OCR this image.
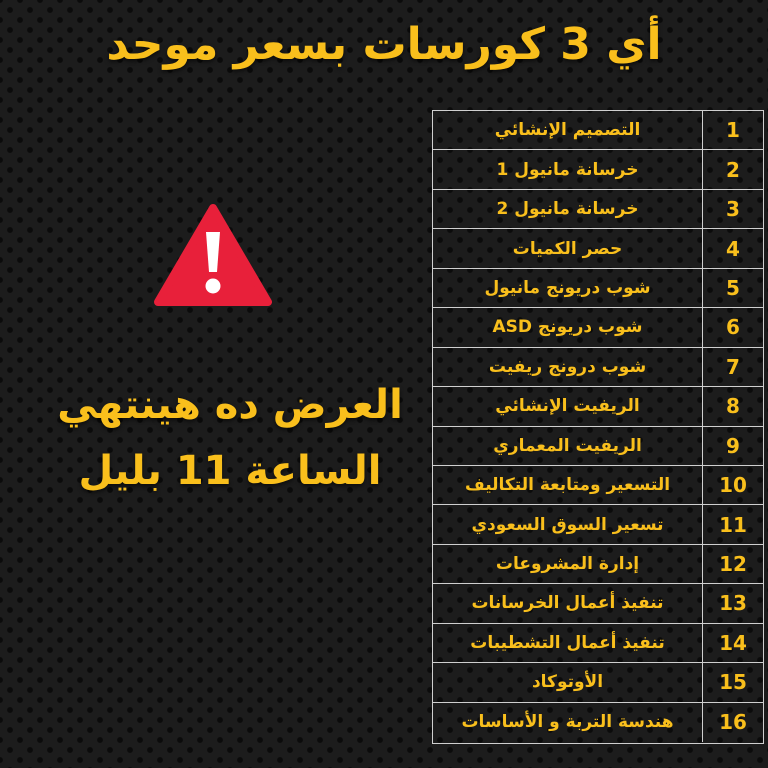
أي 3 كورسات بسعر موحد
العرض ده هينتهي
الساعة 11 بليل
1
التصميم الإنشائي
2
خرسانة مانيول 1
3
خرسانة مانيول 2
4
حصر الكميات
5
شوب دريونج مانيول
6
شوب دريونج ASD
7
شوب درونج ريفيت
8
الريفيت الإنشائي
9
الريفيت المعماري
10
التسعير ومتابعة التكاليف
11
تسعير السوق السعودي
12
إدارة المشروعات
13
تنفيذ أعمال الخرسانات
14
تنفيذ أعمال التشطيبات
15
الأوتوكاد
16
هندسة التربة و الأساسات
